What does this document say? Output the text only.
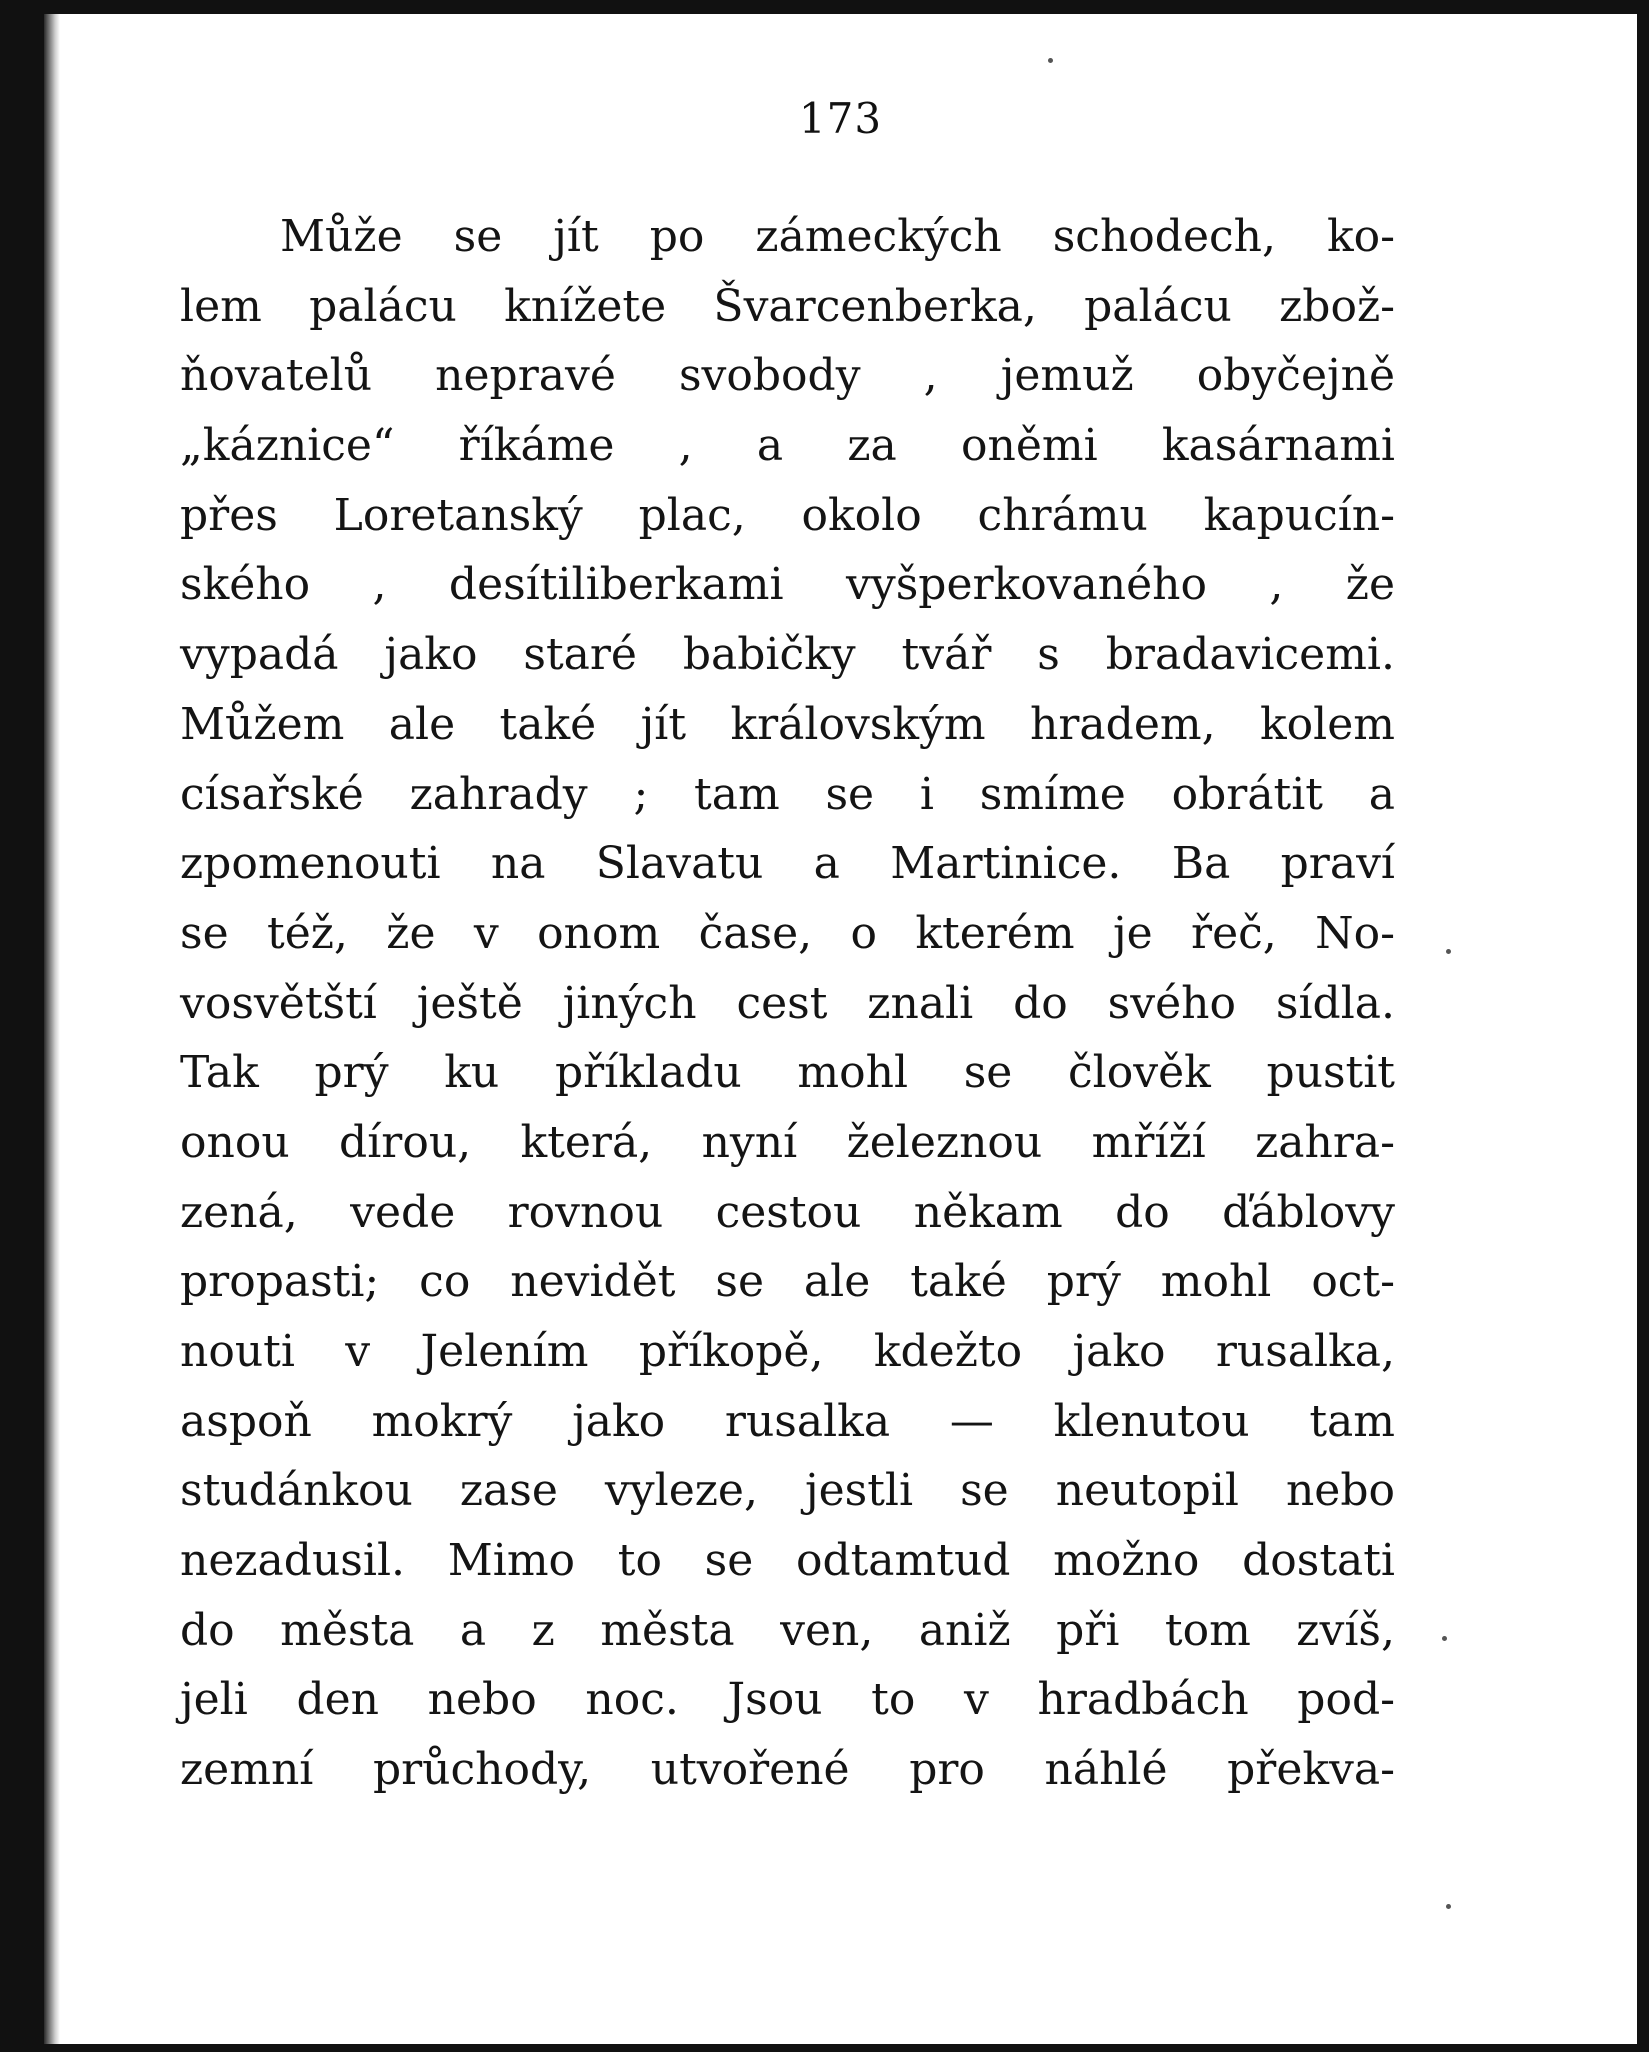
173
Může se jít po zámeckých schodech, ko-
lem palácu knížete Švarcenberka, palácu zbož-
ňovatelů nepravé svobody , jemuž obyčejně
„káznice“ říkáme , a za oněmi kasárnami
přes Loretanský plac, okolo chrámu kapucín-
ského , desítiliberkami vyšperkovaného , že
vypadá jako staré babičky tvář s bradavicemi.
Můžem ale také jít královským hradem, kolem
císařské zahrady ; tam se i smíme obrátit a
zpomenouti na Slavatu a Martinice. Ba praví
se též, že v onom čase, o kterém je řeč, No-
vosvětští ještě jiných cest znali do svého sídla.
Tak prý ku příkladu mohl se člověk pustit
onou dírou, která, nyní železnou mříží zahra-
zená, vede rovnou cestou někam do ďáblovy
propasti; co nevidět se ale také prý mohl oct-
nouti v Jelením příkopě, kdežto jako rusalka,
aspoň mokrý jako rusalka — klenutou tam
studánkou zase vyleze, jestli se neutopil nebo
nezadusil. Mimo to se odtamtud možno dostati
do města a z města ven, aniž při tom zvíš,
jeli den nebo noc. Jsou to v hradbách pod-
zemní průchody, utvořené pro náhlé překva-
